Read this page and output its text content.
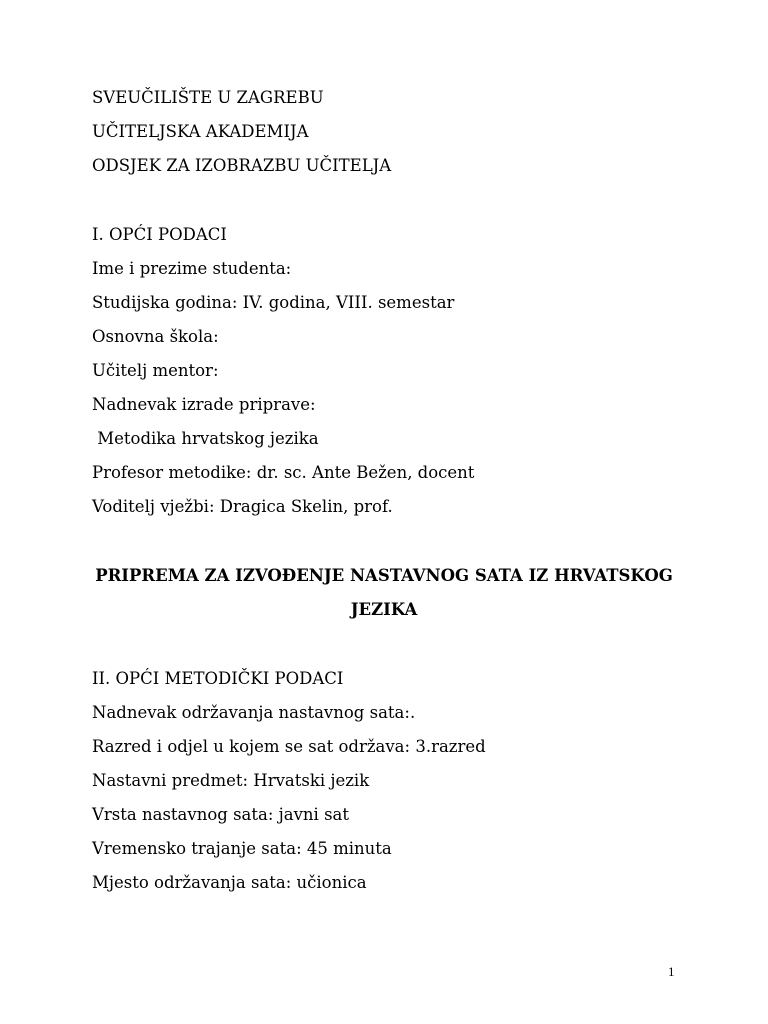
SVEUČILIŠTE U ZAGREBU
UČITELJSKA AKADEMIJA
ODSJEK ZA IZOBRAZBU UČITELJA
I. OPĆI PODACI
Ime i prezime studenta:
Studijska godina: IV. godina, VIII. semestar
Osnovna škola:
Učitelj mentor:
Nadnevak izrade priprave:
Metodika hrvatskog jezika
Profesor metodike: dr. sc. Ante Bežen, docent
Voditelj vježbi: Dragica Skelin, prof.
PRIPREMA ZA IZVOĐENJE NASTAVNOG SATA IZ HRVATSKOG
JEZIKA
II. OPĆI METODIČKI PODACI
Nadnevak održavanja nastavnog sata:.
Razred i odjel u kojem se sat održava: 3.razred
Nastavni predmet: Hrvatski jezik
Vrsta nastavnog sata: javni sat
Vremensko trajanje sata: 45 minuta
Mjesto održavanja sata: učionica
1
